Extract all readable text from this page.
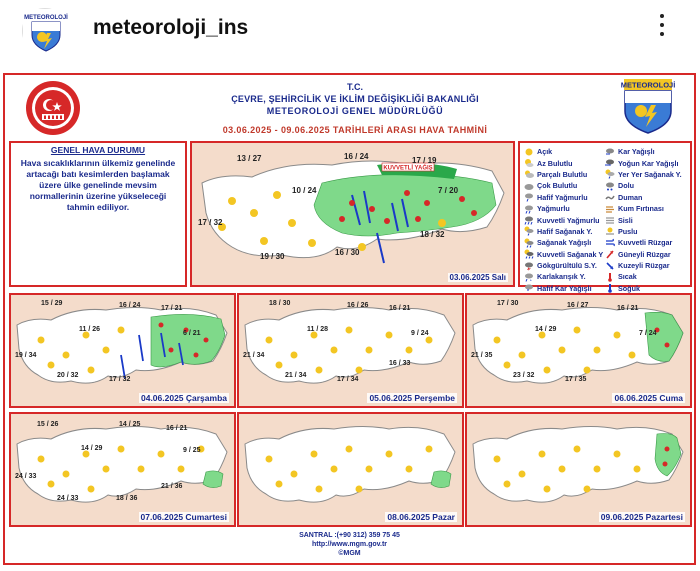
METEOROLOJİ meteoroloji_ins
T.C.
ÇEVRE, ŞEHİRCİLİK VE İKLİM DEĞİŞİKLİĞİ BAKANLIĞI
METEOROLOJİ GENEL MÜDÜRLÜĞÜ
03.06.2025 - 09.06.2025 TARİHLERİ ARASI HAVA TAHMİNİ
METEOROLOJİ
GENEL HAVA DURUMU
Hava sıcaklıklarının ülkemiz genelinde artacağı batı kesimlerden başlamak üzere ülke genelinde mevsim normallerinin üzerine yükseleceği tahmin ediliyor.
KUVVETLİ YAĞIŞ
13 / 27	16 / 24	17 / 19
10 / 24	7 / 20
17 / 32
18 / 32
16 / 30
19 / 30
03.06.2025 Salı
Açık
Az Bulutlu
Parçalı Bulutlu
Çok Bulutlu
Hafif Yağmurlu
Yağmurlu
Kuvvetli Yağmurlu
Hafif Sağanak Y.
Sağanak Yağışlı
Kuvvetli Sağanak Y
Gökgürültülü S.Y.
* Karlakarışık Y.
Hafif Kar Yağışlı
** Kar Yağışlı
*** Yoğun Kar Yağışlı
Yer Yer Sağanak Y.
Dolu
Duman
Kum Fırtınası
Sisli
Puslu
Kuvvetli Rüzgar
Güneyli Rüzgar
Kuzeyli Rüzgar
Sıcak
Soğuk
15 / 29	16 / 24	17 / 21
11 / 26
6 / 21
19 / 34
20 / 32
17 / 32
04.06.2025 Çarşamba
18 / 30	16 / 26	16 / 21
11 / 28
9 / 24
21 / 34
16 / 33
21 / 34
17 / 34
05.06.2025 Perşembe
17 / 30	16 / 27	16 / 21
14 / 29
7 / 24
21 / 35
23 / 32
17 / 35
06.06.2025 Cuma
15 / 26	14 / 25
16 / 21
14 / 29	9 / 25
24 / 33
18 / 36
24 / 33
21 / 36
07.06.2025 Cumartesi	08.06.2025 Pazar	09.06.2025 Pazartesi
SANTRAL :(+90 312) 359 75 45
http://www.mgm.gov.tr
©MGM
